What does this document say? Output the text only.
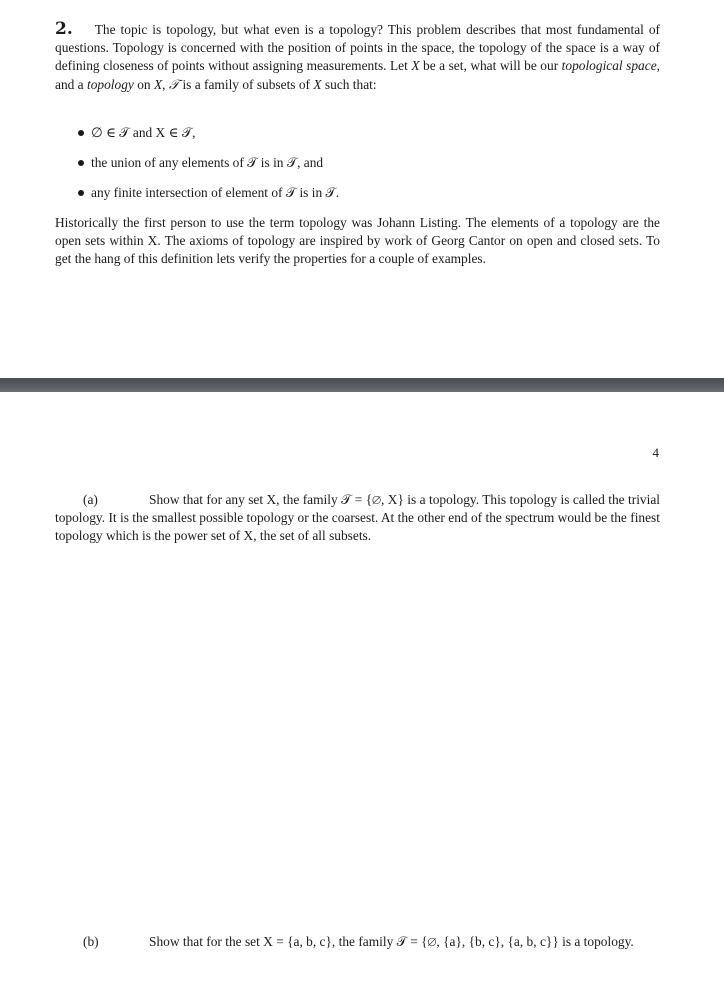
2. The topic is topology, but what even is a topology? This problem describes that most fundamental of questions. Topology is concerned with the position of points in the space, the topology of the space is a way of defining closeness of points without assigning measurements. Let X be a set, what will be our topological space, and a topology on X, 𝒯 is a family of subsets of X such that:
∅ ∈ 𝒯 and X ∈ 𝒯,
the union of any elements of 𝒯 is in 𝒯, and
any finite intersection of element of 𝒯 is in 𝒯.
Historically the first person to use the term topology was Johann Listing. The elements of a topology are the open sets within X. The axioms of topology are inspired by work of Georg Cantor on open and closed sets. To get the hang of this definition lets verify the properties for a couple of examples.
4
(a)	Show that for any set X, the family 𝒯 = {∅, X} is a topology. This topology is called the trivial topology. It is the smallest possible topology or the coarsest. At the other end of the spectrum would be the finest topology which is the power set of X, the set of all subsets.
(b)	Show that for the set X = {a, b, c}, the family 𝒯 = {∅, {a}, {b, c}, {a, b, c}} is a topology.
